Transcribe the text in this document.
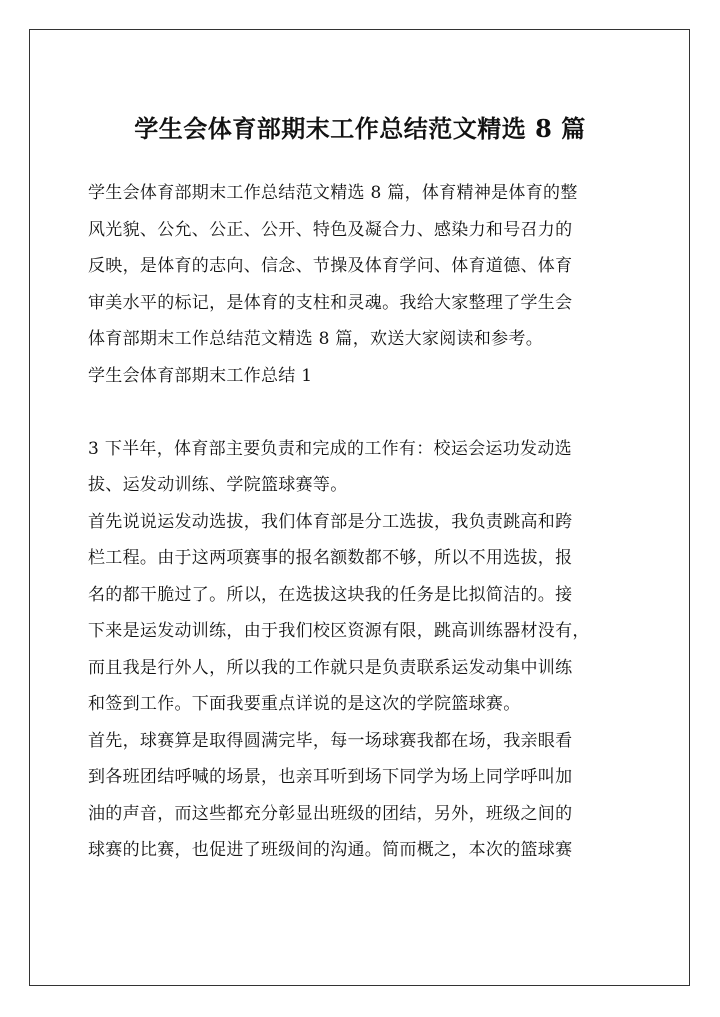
学生会体育部期末工作总结范文精选 8 篇
学生会体育部期末工作总结范文精选 8 篇，体育精神是体育的整
风光貌、公允、公正、公开、特色及凝合力、感染力和号召力的
反映，是体育的志向、信念、节操及体育学问、体育道德、体育
审美水平的标记，是体育的支柱和灵魂。我给大家整理了学生会
体育部期末工作总结范文精选 8 篇，欢送大家阅读和参考。
学生会体育部期末工作总结 1
3 下半年，体育部主要负责和完成的工作有：校运会运功发动选
拔、运发动训练、学院篮球赛等。
首先说说运发动选拔，我们体育部是分工选拔，我负责跳高和跨
栏工程。由于这两项赛事的报名额数都不够，所以不用选拔，报
名的都干脆过了。所以，在选拔这块我的任务是比拟简洁的。接
下来是运发动训练，由于我们校区资源有限，跳高训练器材没有，
而且我是行外人，所以我的工作就只是负责联系运发动集中训练
和签到工作。下面我要重点详说的是这次的学院篮球赛。
首先，球赛算是取得圆满完毕，每一场球赛我都在场，我亲眼看
到各班团结呼喊的场景，也亲耳听到场下同学为场上同学呼叫加
油的声音，而这些都充分彰显出班级的团结，另外，班级之间的
球赛的比赛，也促进了班级间的沟通。简而概之，本次的篮球赛
